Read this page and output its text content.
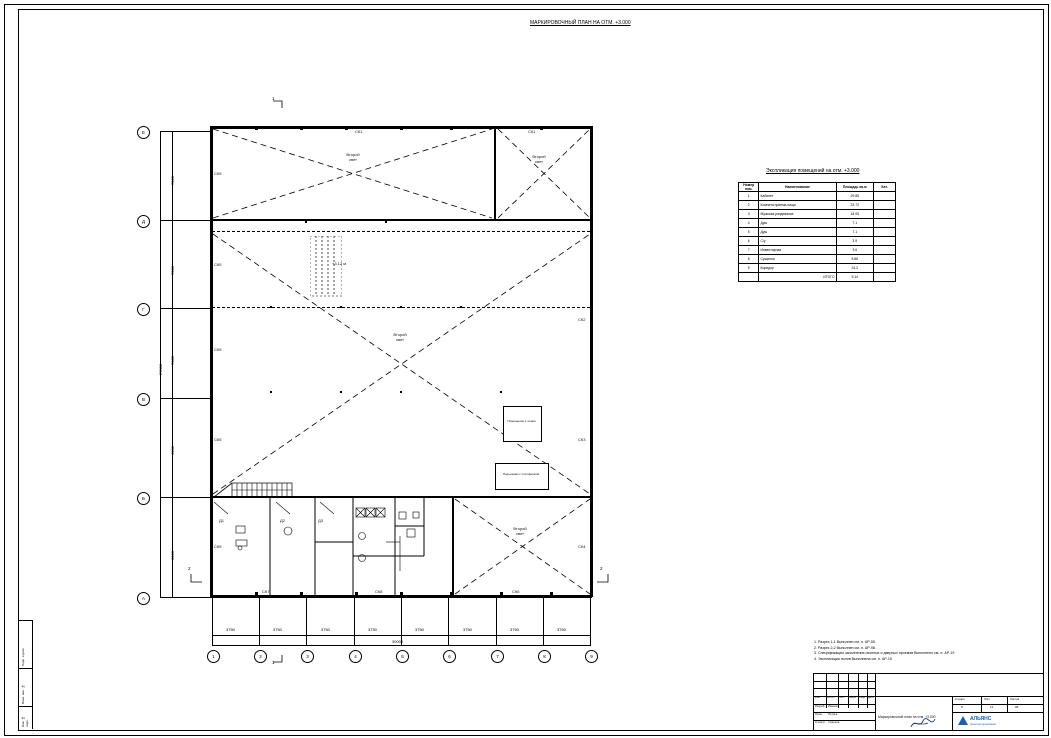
Подп. и дата
Взам. инв. №
Инв. № подл.
МАРКИРОВОЧНЫЙ ПЛАН НА ОТМ. +3.000
Второй
свет
Второй
свет
Второй
свет
Второй
свет
+3,12 м
Помещение 1 этажа
Подъемник с платформой
СК5
СК5
СК5
СК5
СК5
СК1	СК1
СК2
СК3
СК4
СК7	СК8	СК6
Д1	Д2	Д3
Е
Д
Г
В
Б
А
7000
7000
7000
6000
6000
27000
3750	3750	3750	3750	3750	3750	3750	3750
30000
1	2	3	4	5	6	7	8	9
1
1
2	2
Экспликация помещений на отм. +3.000
Номер пом.	Наименование	Площадь кв.м	Кат.
1	Кабинет	29.85	
2	Комната приема пищи	23.72	
3	Мужская раздевалка	18.05	
4	Душ	7.1	
5	Душ	7.1	
6	С/у	3.9	
7	Инвентарная	3.6	
8	Сушилка	5.88	
9	Коридор	24.2	
	ИТОГО	9.14	
1. Разрез 1-1 Выполнен см. л. АР-55.
2. Разрез 2-2 Выполнен см. л. АР-98.
3. Спецификацию заполнения оконных и дверных проемов Выполнено см. л. АР-19
4. Экспликация полов Выполнена см. л. АР-15
Изм. Кол.уч. Лист №док. Подп. Дата
Разраб. Иванов
Пров. Петров
Н.контр. Сидоров
Маркировочный план на отм. +3.000
Стадия	Лист	Листов
П	14	98
АЛЬЯНС
проектная организация
